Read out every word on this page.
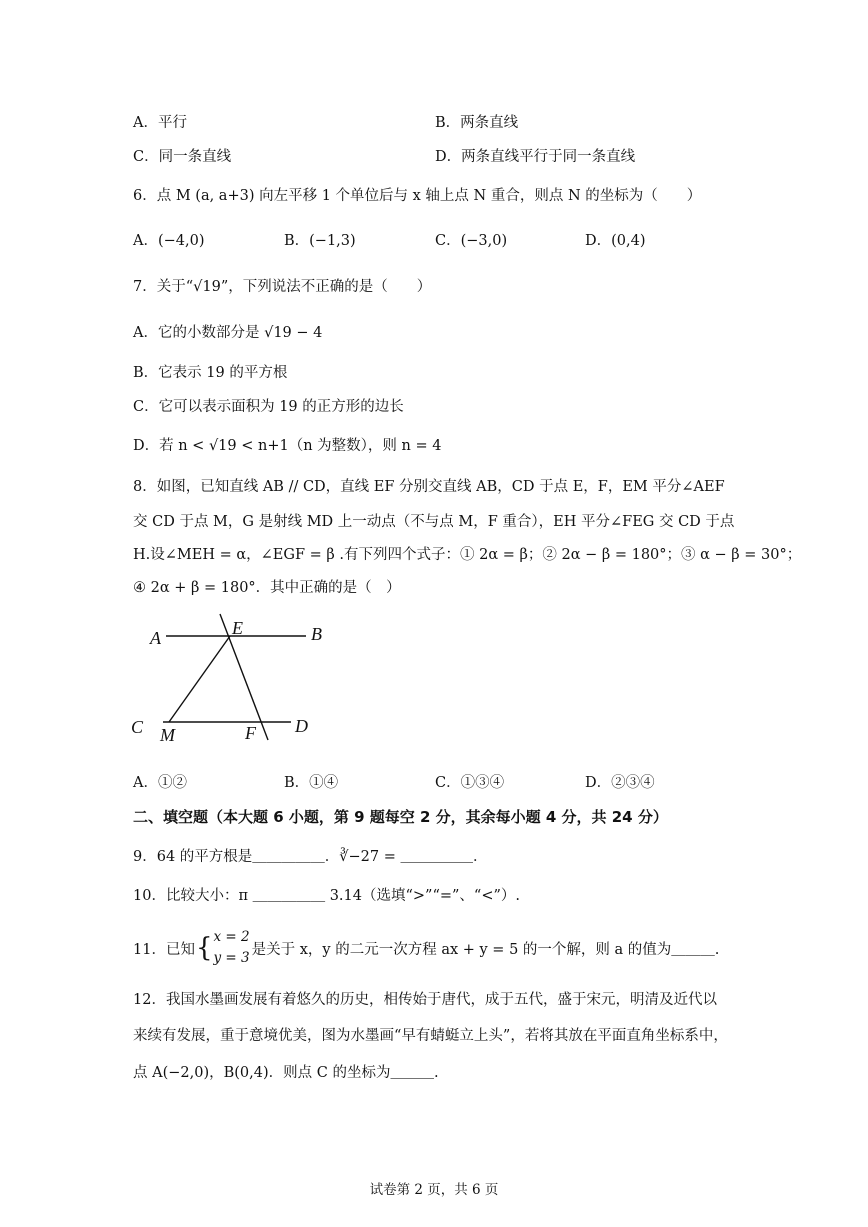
A．平行	B．两条直线
C．同一条直线	D．两条直线平行于同一条直线
6．点 M (a, a+3) 向左平移 1 个单位后与 x 轴上点 N 重合，则点 N 的坐标为（　　）
A．(−4,0)	B．(−1,3)	C．(−3,0)	D．(0,4)
7．关于“√19”，下列说法不正确的是（　　）
A．它的小数部分是 √19 − 4
B．它表示 19 的平方根
C．它可以表示面积为 19 的正方形的边长
D．若 n < √19 < n+1（n 为整数），则 n = 4
8．如图，已知直线 AB // CD，直线 EF 分别交直线 AB，CD 于点 E，F，EM 平分∠AEF
交 CD 于点 M，G 是射线 MD 上一动点（不与点 M，F 重合），EH 平分∠FEG 交 CD 于点
H.设∠MEH = α，∠EGF = β .有下列四个式子：① 2α = β；② 2α − β = 180°；③ α − β = 30°；
④ 2α + β = 180°．其中正确的是（　）
A	B
E
C M	F D
A．①②	B．①④	C．①③④	D．②③④
二、填空题（本大题 6 小题，第 9 题每空 2 分，其余每小题 4 分，共 24 分）
9．64 的平方根是＿＿＿＿＿．∛−27 = ＿＿＿＿＿．
10．比较大小：π ＿＿＿＿＿ 3.14（选填“>”“=”、“<”）.
11．已知 { x = 2
y = 3
是关于 x，y 的二元一次方程 ax + y = 5 的一个解，则 a 的值为＿＿＿.
12．我国水墨画发展有着悠久的历史，相传始于唐代，成于五代，盛于宋元，明清及近代以
来续有发展，重于意境优美，图为水墨画“早有蜻蜓立上头”，若将其放在平面直角坐标系中，
点 A(−2,0)，B(0,4)．则点 C 的坐标为＿＿＿.
试卷第 2 页，共 6 页
